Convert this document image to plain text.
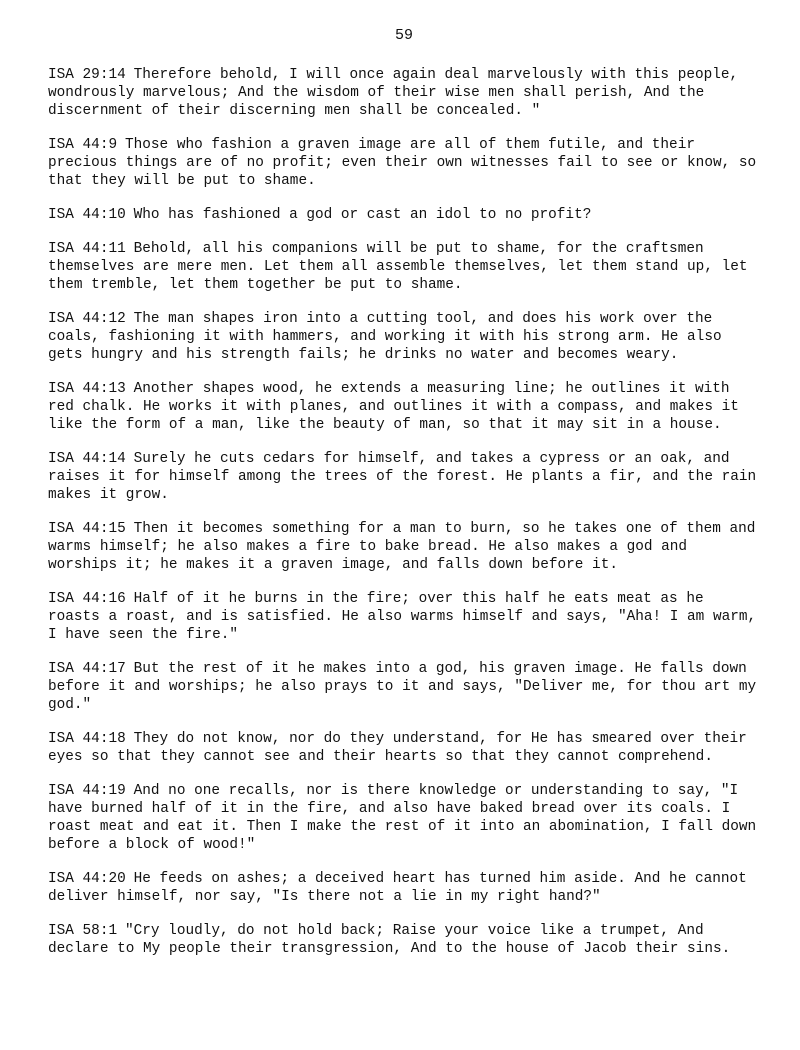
59
ISA 29:14 Therefore behold, I will once again deal marvelously with this people, wondrously marvelous; And the wisdom of their wise men shall perish, And the discernment of their discerning men shall be concealed. "
ISA 44:9 Those who fashion a graven image are all of them futile, and their precious things are of no profit; even their own witnesses fail to see or know, so that they will be put to shame.
ISA 44:10 Who has fashioned a god or cast an idol to no profit?
ISA 44:11 Behold, all his companions will be put to shame, for the craftsmen themselves are mere men. Let them all assemble themselves, let them stand up, let them tremble, let them together be put to shame.
ISA 44:12 The man shapes iron into a cutting tool, and does his work over the coals, fashioning it with hammers, and working it with his strong arm. He also gets hungry and his strength fails; he drinks no water and becomes weary.
ISA 44:13 Another shapes wood, he extends a measuring line; he outlines it with red chalk. He works it with planes, and outlines it with a compass, and makes it like the form of a man, like the beauty of man, so that it may sit in a house.
ISA 44:14 Surely he cuts cedars for himself, and takes a cypress or an oak, and raises it for himself among the trees of the forest. He plants a fir, and the rain makes it grow.
ISA 44:15 Then it becomes something for a man to burn, so he takes one of them and warms himself; he also makes a fire to bake bread. He also makes a god and worships it; he makes it a graven image, and falls down before it.
ISA 44:16 Half of it he burns in the fire; over this half he eats meat as he roasts a roast, and is satisfied. He also warms himself and says, "Aha! I am warm, I have seen the fire."
ISA 44:17 But the rest of it he makes into a god, his graven image. He falls down before it and worships; he also prays to it and says, "Deliver me, for thou art my god."
ISA 44:18 They do not know, nor do they understand, for He has smeared over their eyes so that they cannot see and their hearts so that they cannot comprehend.
ISA 44:19 And no one recalls, nor is there knowledge or understanding to say, "I have burned half of it in the fire, and also have baked bread over its coals. I roast meat and eat it. Then I make the rest of it into an abomination, I fall down before a block of wood!"
ISA 44:20 He feeds on ashes; a deceived heart has turned him aside. And he cannot deliver himself, nor say, "Is there not a lie in my right hand?"
ISA 58:1 "Cry loudly, do not hold back; Raise your voice like a trumpet, And declare to My people their transgression, And to the house of Jacob their sins.
